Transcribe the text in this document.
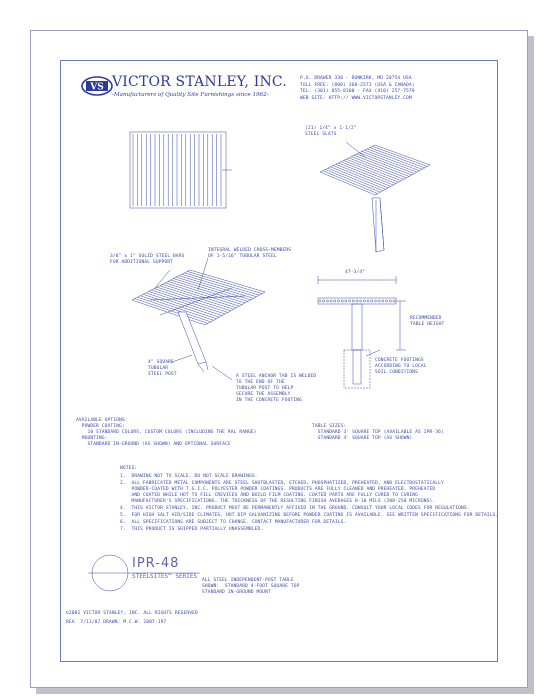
VS VICTOR STANLEY, INC.
-Manufacturers of Quality Site Furnishings since 1962-
P.O. DRAWER 330 - DUNKIRK, MD 20754 USA
TOLL FREE: (800) 368-2573 (USA & CANADA)
TEL: (301) 855-8300 - FAX (410) 257-7579
WEB SITE: HTTP:// WWW.VICTORSTANLEY.COM
(21) 1/4" x 1-1/2"
STEEL SLATS
INTEGRAL WELDED CROSS-MEMBERS
OF 1-5/16" TUBULAR STEEL
3/8" x 1" SOLID STEEL BARS
FOR ADDITIONAL SUPPORT
4" SQUARE
TUBULAR
STEEL POST	A STEEL ANCHOR TAB IS WELDED
TO THE END OF THE
TUBULAR POST TO HELP
SECURE THE ASSEMBLY
IN THE CONCRETE FOOTING
47-3/4"
RECOMMENDED
TABLE HEIGHT
CONCRETE FOOTINGS
ACCORDING TO LOCAL
SOIL CONDITIONS
AVAILABLE OPTIONS:
POWDER COATING:
10 STANDARD COLORS, CUSTOM COLORS (INCLUDING THE RAL RANGE)
MOUNTING:
STANDARD IN-GROUND (AS SHOWN) AND OPTIONAL SURFACE
TABLE SIZES:
STANDARD 3' SQUARE TOP (AVAILABLE AS IPR-36)
STANDARD 4' SQUARE TOP (AS SHOWN)
NOTES:
1.  DRAWING NOT TO SCALE. DO NOT SCALE DRAWINGS.
2.  ALL FABRICATED METAL COMPONENTS ARE STEEL SHOTBLASTED, ETCHED, PHOSPHATIZED, PREHEATED, AND ELECTROSTATICALLY
POWDER-COATED WITH T.G.I.C. POLYESTER POWDER COATINGS. PRODUCTS ARE FULLY CLEANED AND PREHEATED, PREHEATED
AND COATED WHILE HOT TO FILL CREVICES AND BUILD FILM COATING. COATED PARTS ARE FULLY CURED TO CURING
MANUFACTURER'S SPECIFICATIONS. THE THICKNESS OF THE RESULTING FINISH AVERAGES 8-10 MILS (200-250 MICRONS).
4.  THIS VICTOR STANLEY, INC. PRODUCT MUST BE PERMANENTLY AFFIXED IN THE GROUND. CONSULT YOUR LOCAL CODES FOR REGULATIONS.
5.  FOR HIGH SALT AIR/SIDE CLIMATES, HOT DIP GALVANIZING BEFORE POWDER COATING IS AVAILABLE. SEE WRITTEN SPECIFICATIONS FOR DETAILS.
6.  ALL SPECIFICATIONS ARE SUBJECT TO CHANGE. CONTACT MANUFACTURER FOR DETAILS.
7.  THIS PRODUCT IS SHIPPED PARTIALLY UNASSEMBLED.
IPR-48
STEELSITES™ SERIES
ALL STEEL INDEPENDENT-POST TABLE
SHOWN:  STANDARD 4-FOOT SQUARE TOP
STANDARD IN-GROUND MOUNT
©2002 VICTOR STANLEY, INC. ALL RIGHTS RESERVED
REV. 7/11/07 DRAWN: M.C.W. 2007-197
